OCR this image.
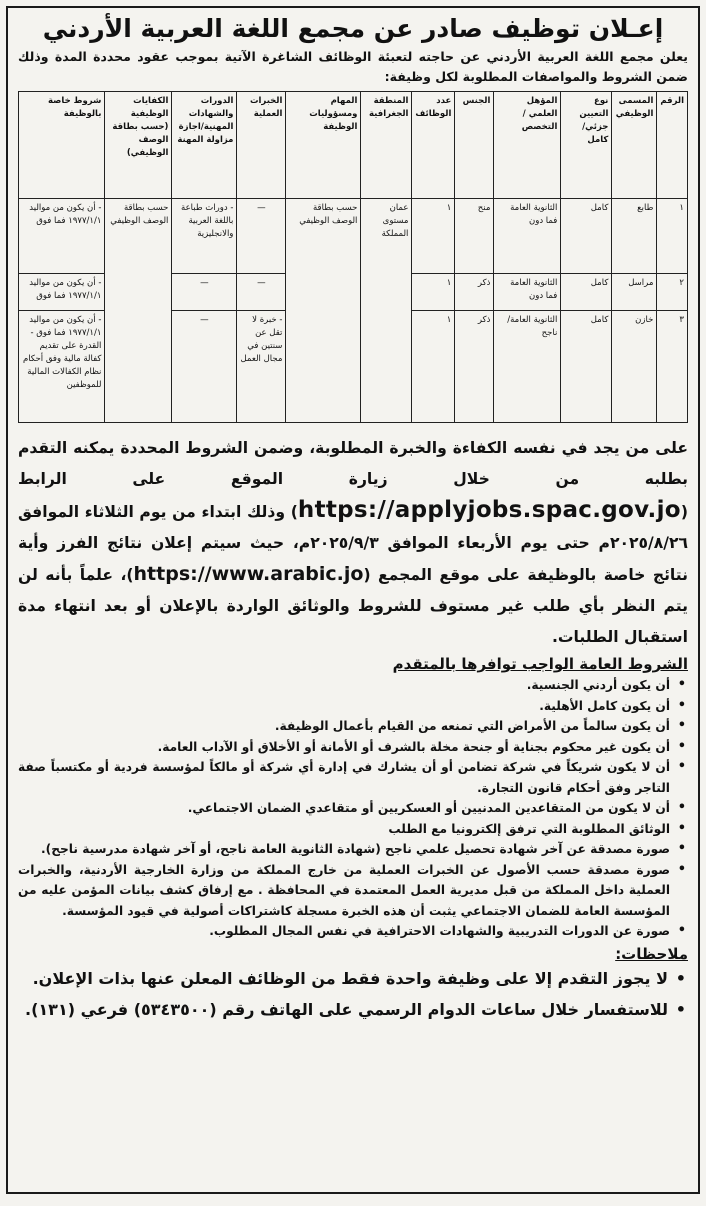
إعـلان توظيف صادر عن مجمع اللغة العربية الأردني

يعلن مجمع اللغة العربية الأردني عن حاجته لتعبئة الوظائف الشاغرة الآتية بموجب عقود محددة المدة وذلك ضمن الشروط والمواصفات المطلوبة لكل وظيفة:

الرقم	المسمى الوظيفي	نوع التعيين جزئي/كامل	المؤهل العلمي / التخصص	الجنس	عدد الوظائف	المنطقة الجغرافية	المهام ومسؤوليات الوظيفة	الخبرات العملية	الدورات والشهادات المهنية/اجازة مزاولة المهنة	الكفايات الوظيفية (حسب بطاقة الوصف الوظيفي)	شروط خاصة بالوظيفة
١	طابع	كامل	الثانوية العامة فما دون	منح	١	عمان مستوى المملكة	حسب بطاقة الوصف الوظيفي	—	- دورات طباعة باللغة العربية والانجليزية	حسب بطاقة الوصف الوظيفي	- أن يكون من مواليد ١٩٧٧/١/١ فما فوق
٢	مراسل	كامل	الثانوية العامة فما دون	ذكر	١			—	—		- أن يكون من مواليد ١٩٧٧/١/١ فما فوق
٣	خازن	كامل	الثانوية العامة/ ناجح	ذكر	١			- خبرة لا تقل عن سنتين في مجال العمل	—		- أن يكون من مواليد ١٩٧٧/١/١ فما فوق - القدرة على تقديم كفالة مالية وفق أحكام نظام الكفالات المالية للموظفين

على من يجد في نفسه الكفاءة والخبرة المطلوبة، وضمن الشروط المحددة يمكنه التقدم بطلبه من خلال زيارة الموقع على الرابط (https://applyjobs.spac.gov.jo) وذلك ابتداء من يوم الثلاثاء الموافق ٢٠٢٥/٨/٢٦م حتى يوم الأربعاء الموافق ٢٠٢٥/٩/٣م، حيث سيتم إعلان نتائج الفرز وأية نتائج خاصة بالوظيفة على موقع المجمع (https://www.arabic.jo)، علماً بأنه لن يتم النظر بأي طلب غير مستوف للشروط والوثائق الواردة بالإعلان أو بعد انتهاء مدة استقبال الطلبات.

الشروط العامة الواجب توافرها بالمتقدم
• أن يكون أردني الجنسية.
• أن يكون كامل الأهلية.
• أن يكون سالماً من الأمراض التي تمنعه من القيام بأعمال الوظيفة.
• أن يكون غير محكوم بجناية أو جنحة مخلة بالشرف أو الأمانة أو الأخلاق أو الآداب العامة.
• أن لا يكون شريكاً في شركة تضامن أو أن يشارك في إدارة أي شركة أو مالكاً لمؤسسة فردية أو مكتسباً صفة التاجر وفق أحكام قانون التجارة.
• أن لا يكون من المتقاعدين المدنيين أو العسكريين أو متقاعدي الضمان الاجتماعي.
• الوثائق المطلوبة التي ترفق إلكترونيا مع الطلب
• صورة مصدقة عن آخر شهادة تحصيل علمي ناجح (شهادة الثانوية العامة ناجح، أو آخر شهادة مدرسية ناجح).
• صورة مصدقة حسب الأصول عن الخبرات العملية من خارج المملكة من وزارة الخارجية الأردنية، والخبرات العملية داخل المملكة من قبل مديرية العمل المعتمدة في المحافظة . مع إرفاق كشف بيانات المؤمن عليه من المؤسسة العامة للضمان الاجتماعي يثبت أن هذه الخبرة مسجلة كاشتراكات أصولية في قيود المؤسسة.
• صورة عن الدورات التدريبية والشهادات الاحترافية في نفس المجال المطلوب.
ملاحظات:
• لا يجوز التقدم إلا على وظيفة واحدة فقط من الوظائف المعلن عنها بذات الإعلان.
• للاستفسار خلال ساعات الدوام الرسمي على الهاتف رقم (٥٣٤٣٥٠٠) فرعي (١٣١).
